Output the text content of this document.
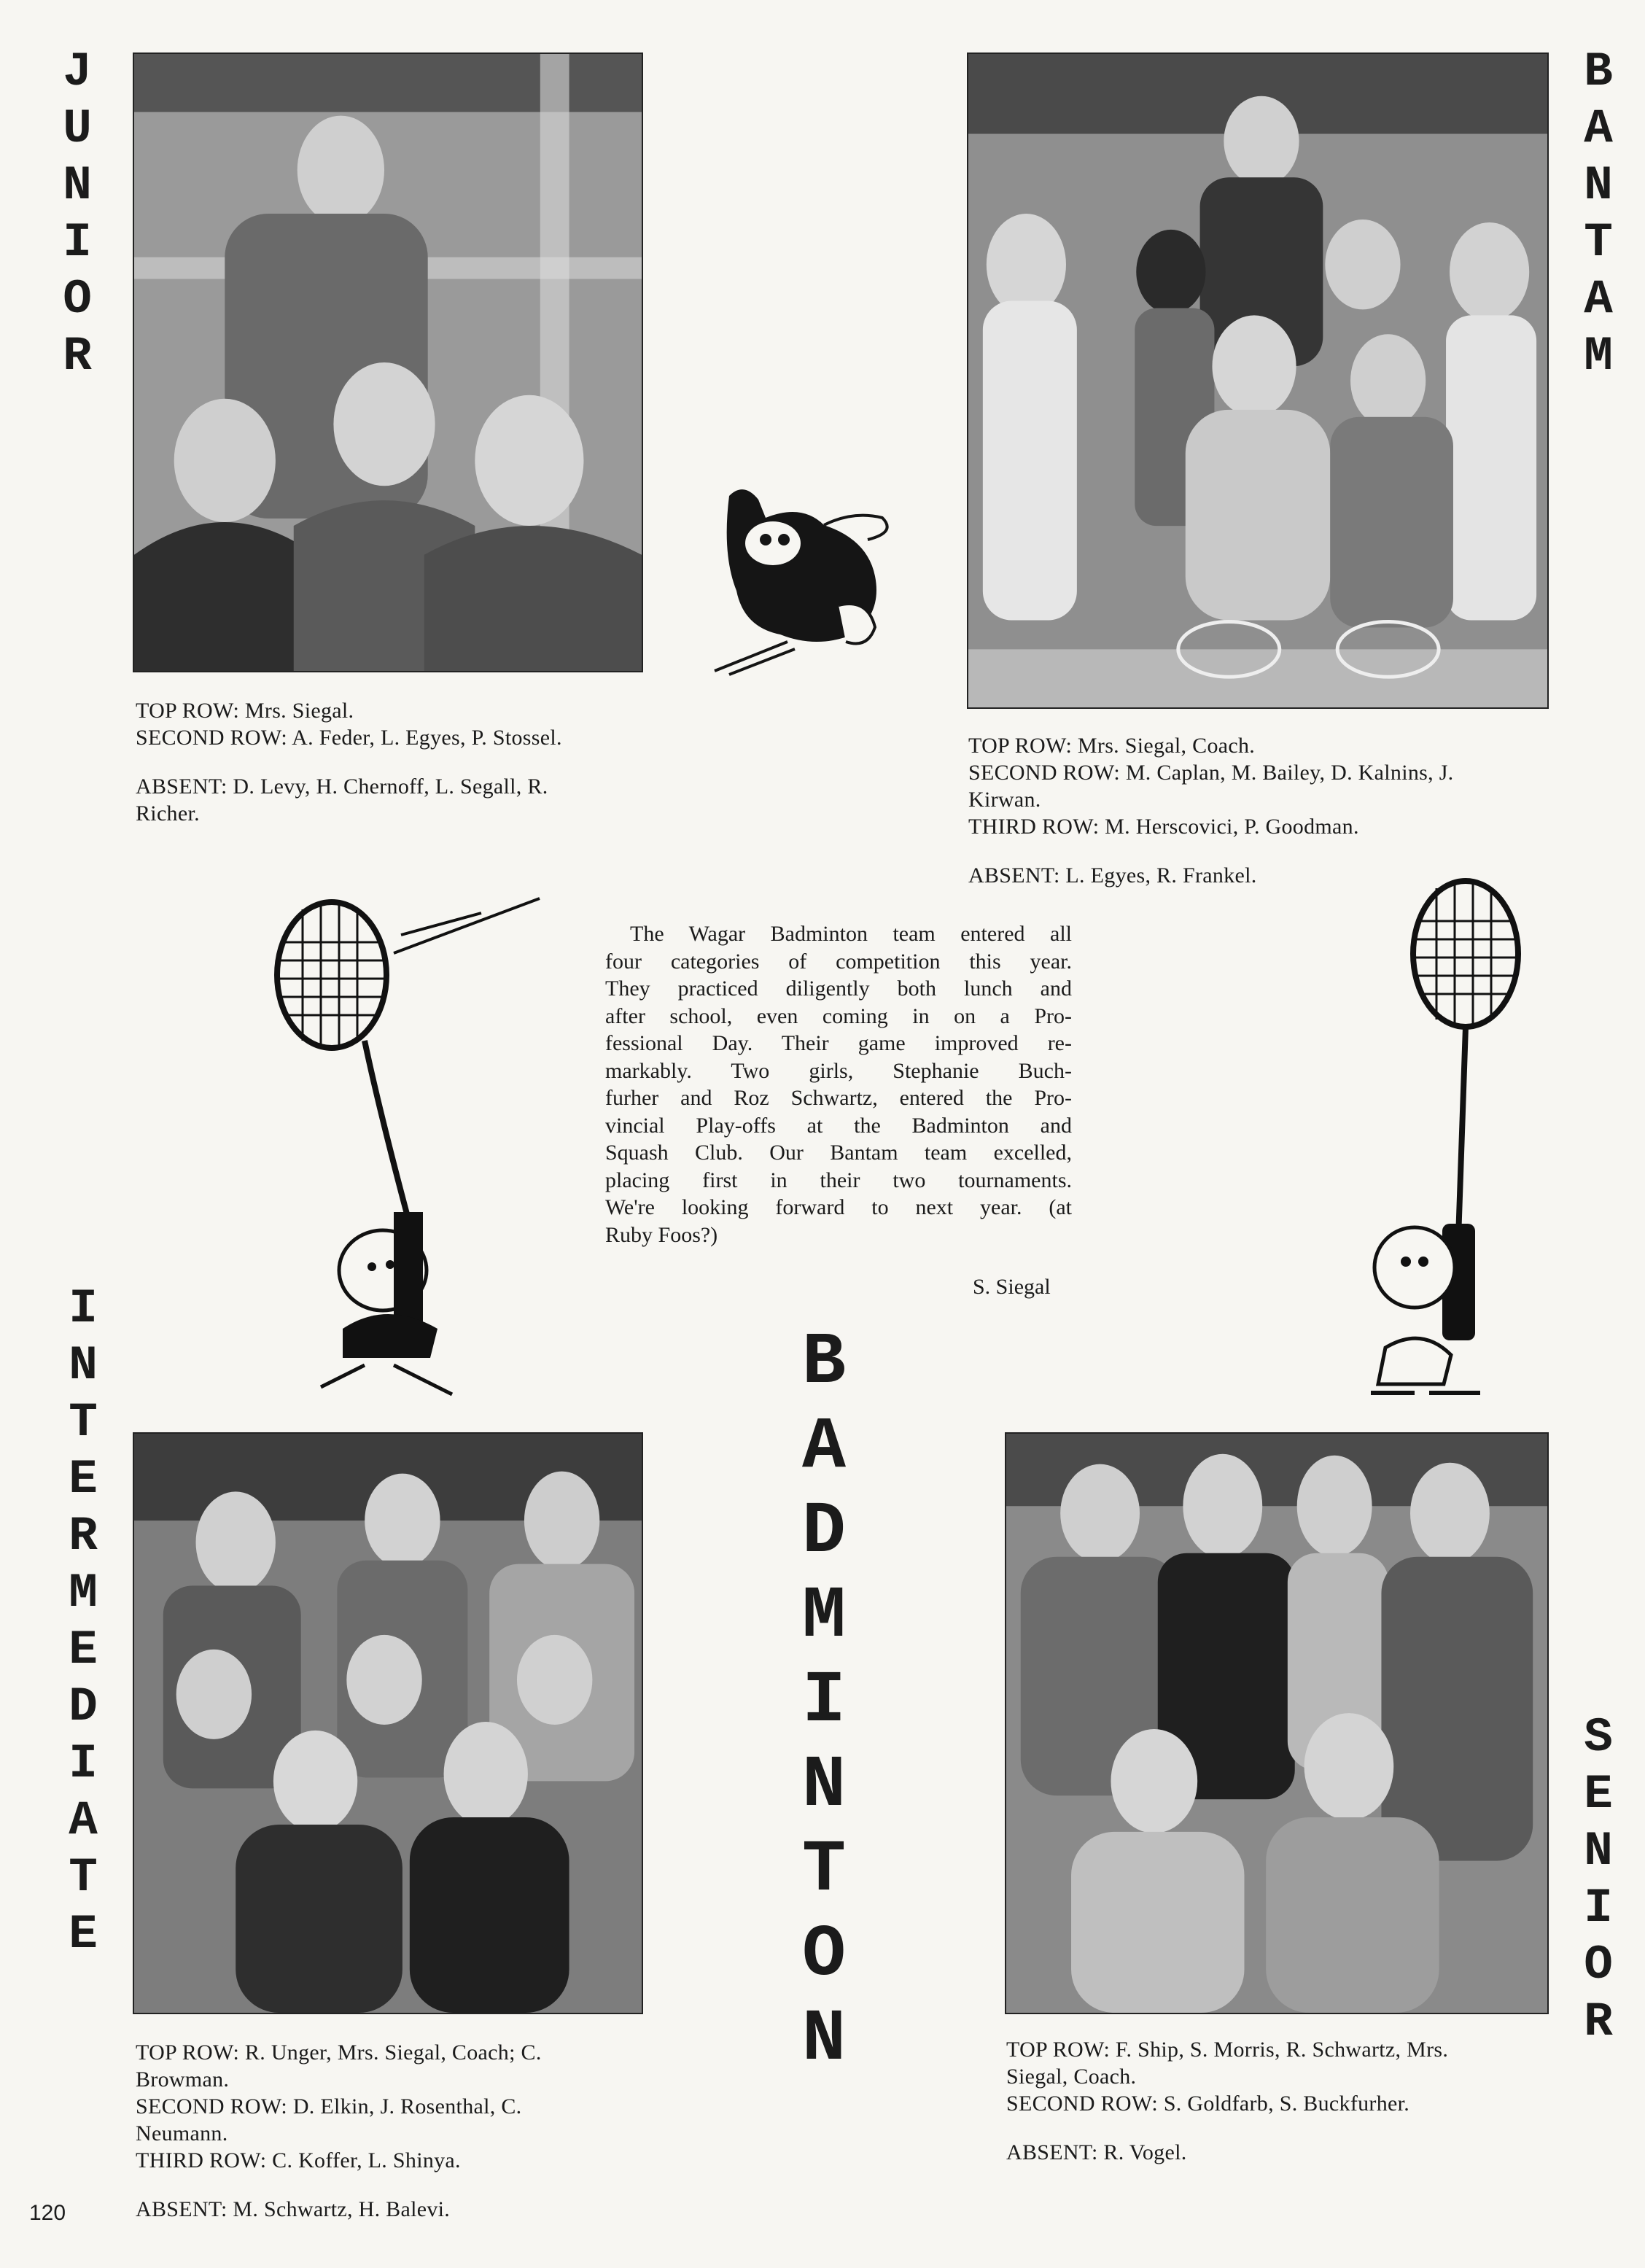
J
U
N
I
O
R
B
A
N
T
A
M
I
N
T
E
R
M
E
D
I
A
T
E
S
E
N
I
O
R
B
A
D
M
I
N
T
O
N

TOP ROW: Mrs. Siegal.

SECOND ROW: A. Feder, L. Egyes, P. Stossel.

ABSENT: D. Levy, H. Chernoff, L. Segall, R.

Richer.

TOP ROW: Mrs. Siegal, Coach.

SECOND ROW: M. Caplan, M. Bailey, D. Kalnins, J.

Kirwan.

THIRD ROW: M. Herscovici, P. Goodman.

ABSENT: L. Egyes, R. Frankel.

TOP ROW: R. Unger, Mrs. Siegal, Coach; C.

Browman.

SECOND ROW: D. Elkin, J. Rosenthal, C.

Neumann.

THIRD ROW: C. Koffer, L. Shinya.

ABSENT: M. Schwartz, H. Balevi.

TOP ROW: F. Ship, S. Morris, R. Schwartz, Mrs.

Siegal, Coach.

SECOND ROW: S. Goldfarb, S. Buckfurher.

ABSENT: R. Vogel.

The Wagar Badminton team entered all
four categories of competition this year.
They practiced diligently both lunch and
after school, even coming in on a Pro-
fessional Day. Their game improved re-
markably. Two girls, Stephanie Buch-
furher and Roz Schwartz, entered the Pro-
vincial Play-offs at the Badminton and
Squash Club. Our Bantam team excelled,
placing first in their two tournaments.
We're looking forward to next year. (at
Ruby Foos?)
S. Siegal
120
